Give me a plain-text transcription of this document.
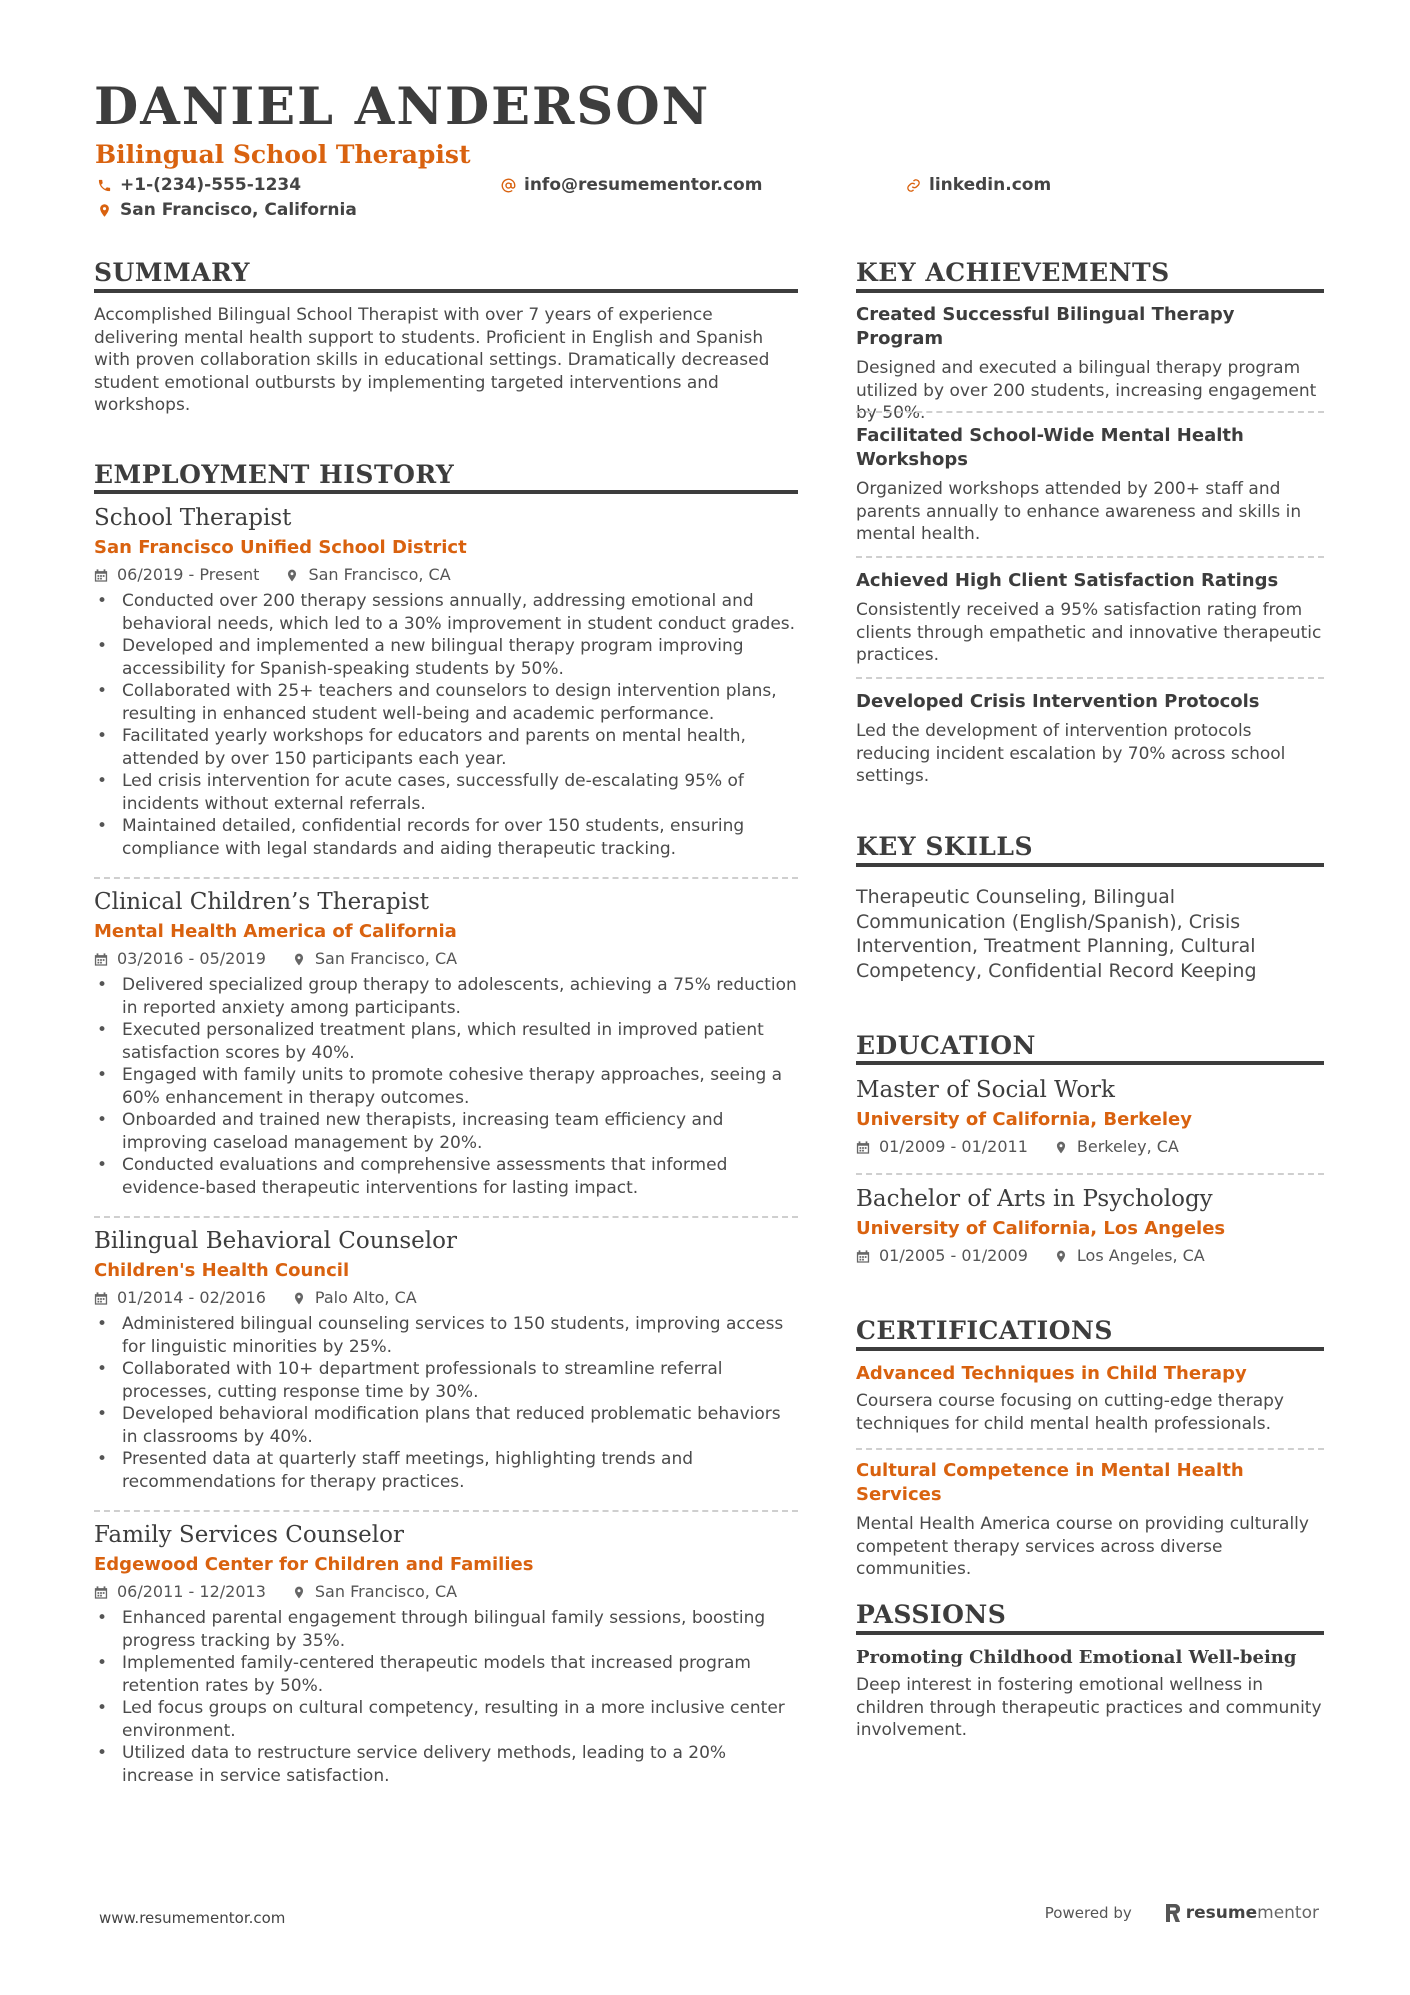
DANIEL ANDERSON
Bilingual School Therapist
+1-(234)-555-1234	info@resumementor.com	linkedin.com
San Francisco, California
SUMMARY
Accomplished Bilingual School Therapist with over 7 years of experience delivering mental health support to students. Proficient in English and Spanish with proven collaboration skills in educational settings. Dramatically decreased student emotional outbursts by implementing targeted interventions and workshops.
EMPLOYMENT HISTORY
School Therapist
San Francisco Unified School District
06/2019 - Present	San Francisco, CA
• Conducted over 200 therapy sessions annually, addressing emotional and behavioral needs, which led to a 30% improvement in student conduct grades.
• Developed and implemented a new bilingual therapy program improving accessibility for Spanish-speaking students by 50%.
• Collaborated with 25+ teachers and counselors to design intervention plans, resulting in enhanced student well-being and academic performance.
• Facilitated yearly workshops for educators and parents on mental health, attended by over 150 participants each year.
• Led crisis intervention for acute cases, successfully de-escalating 95% of incidents without external referrals.
• Maintained detailed, confidential records for over 150 students, ensuring compliance with legal standards and aiding therapeutic tracking.
Clinical Children’s Therapist
Mental Health America of California
03/2016 - 05/2019	San Francisco, CA
• Delivered specialized group therapy to adolescents, achieving a 75% reduction in reported anxiety among participants.
• Executed personalized treatment plans, which resulted in improved patient satisfaction scores by 40%.
• Engaged with family units to promote cohesive therapy approaches, seeing a 60% enhancement in therapy outcomes.
• Onboarded and trained new therapists, increasing team efficiency and improving caseload management by 20%.
• Conducted evaluations and comprehensive assessments that informed evidence-based therapeutic interventions for lasting impact.
Bilingual Behavioral Counselor
Children's Health Council
01/2014 - 02/2016	Palo Alto, CA
• Administered bilingual counseling services to 150 students, improving access for linguistic minorities by 25%.
• Collaborated with 10+ department professionals to streamline referral processes, cutting response time by 30%.
• Developed behavioral modification plans that reduced problematic behaviors in classrooms by 40%.
• Presented data at quarterly staff meetings, highlighting trends and recommendations for therapy practices.
Family Services Counselor
Edgewood Center for Children and Families
06/2011 - 12/2013	San Francisco, CA
• Enhanced parental engagement through bilingual family sessions, boosting progress tracking by 35%.
• Implemented family-centered therapeutic models that increased program retention rates by 50%.
• Led focus groups on cultural competency, resulting in a more inclusive center environment.
• Utilized data to restructure service delivery methods, leading to a 20% increase in service satisfaction.
KEY ACHIEVEMENTS
Created Successful Bilingual Therapy Program
Designed and executed a bilingual therapy program utilized by over 200 students, increasing engagement by 50%.
Facilitated School-Wide Mental Health Workshops
Organized workshops attended by 200+ staff and parents annually to enhance awareness and skills in mental health.
Achieved High Client Satisfaction Ratings
Consistently received a 95% satisfaction rating from clients through empathetic and innovative therapeutic practices.
Developed Crisis Intervention Protocols
Led the development of intervention protocols reducing incident escalation by 70% across school settings.
KEY SKILLS
Therapeutic Counseling, Bilingual Communication (English/Spanish), Crisis Intervention, Treatment Planning, Cultural Competency, Confidential Record Keeping
EDUCATION
Master of Social Work
University of California, Berkeley
01/2009 - 01/2011	Berkeley, CA
Bachelor of Arts in Psychology
University of California, Los Angeles
01/2005 - 01/2009	Los Angeles, CA
CERTIFICATIONS
Advanced Techniques in Child Therapy
Coursera course focusing on cutting-edge therapy techniques for child mental health professionals.
Cultural Competence in Mental Health Services
Mental Health America course on providing culturally competent therapy services across diverse communities.
PASSIONS
Promoting Childhood Emotional Well-being
Deep interest in fostering emotional wellness in children through therapeutic practices and community involvement.
www.resumementor.com	Powered by	resume mentor
